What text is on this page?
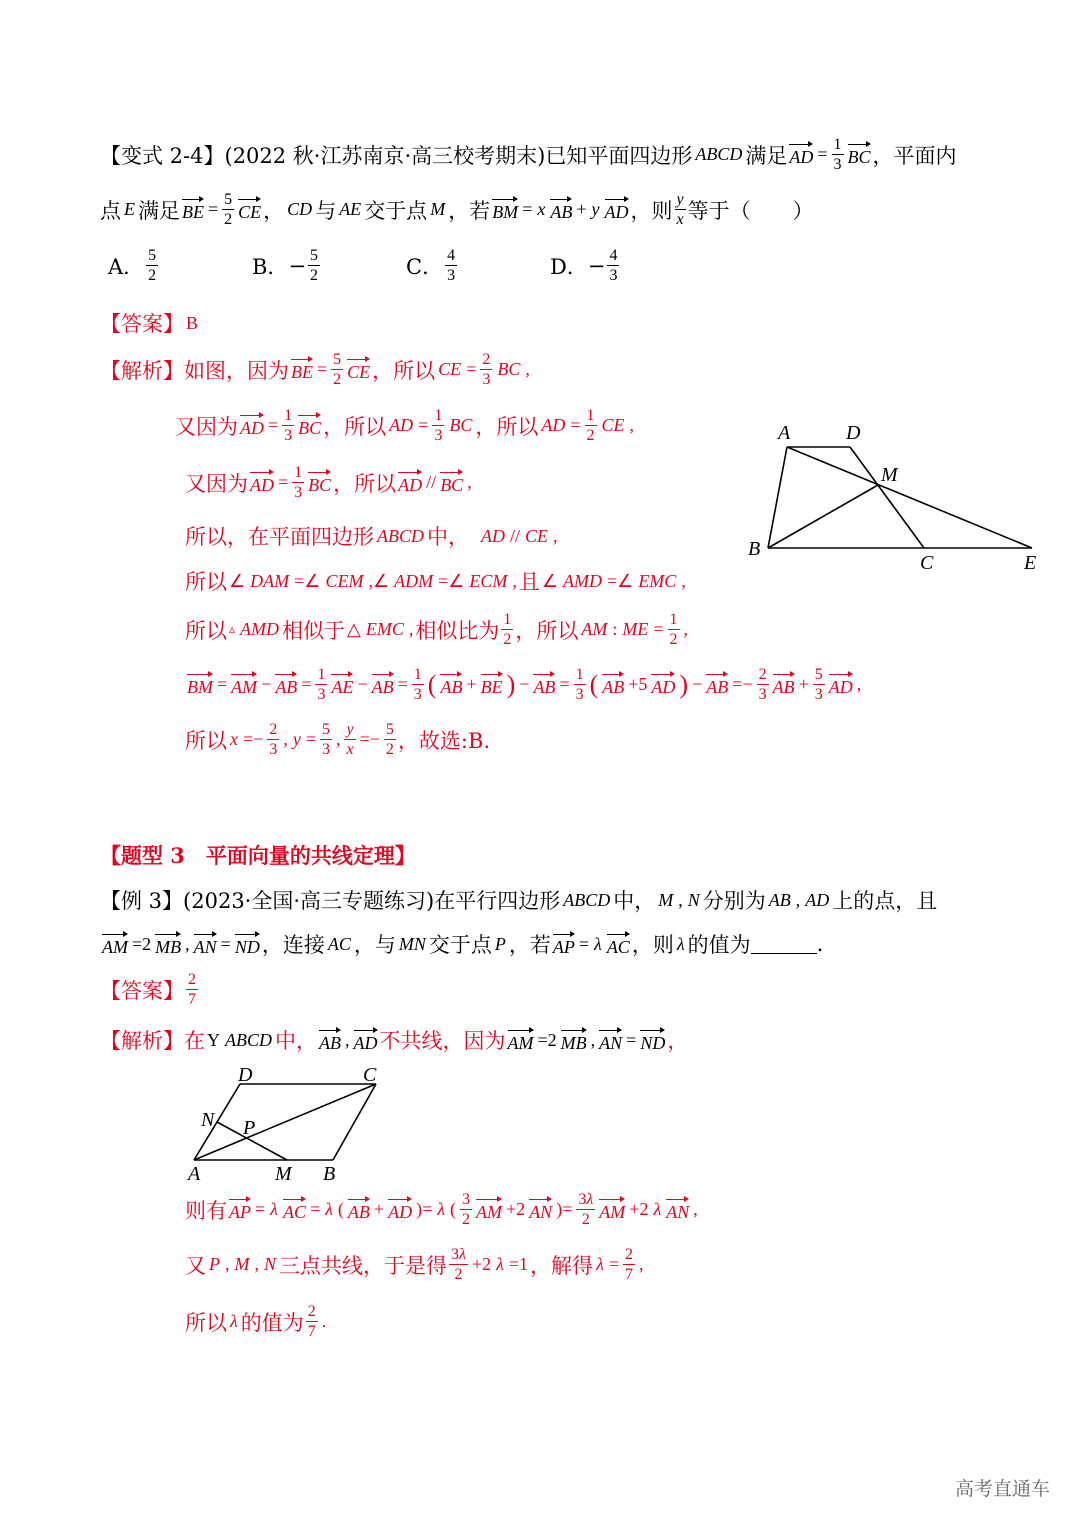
【变式 2-4】 (2022 秋·江苏南京·高三校考期末) 已知平面四边形 ABCD 满足 AD = $\frac{1}{3}$ BC ，平面内
点 E 满足 BE = $\frac{5}{2}$ CE ， CD 与 AE 交于点 M ，若 BM = x AB + y AD ，则 $\frac{y}{x}$ 等于（　　）
A． $\frac{5}{2}$	B． − $\frac{5}{2}$	C． $\frac{4}{3}$	D． − $\frac{4}{3}$
【答案】 B
【解析】 如图，因为 BE = $\frac{5}{2}$ CE ，所以 CE = $\frac{2}{3}$ BC ,
又因为 AD = $\frac{1}{3}$ BC ，所以 AD = $\frac{1}{3}$ BC ，所以 AD = $\frac{1}{2}$ CE ,
又因为 AD = $\frac{1}{3}$ BC ，所以 AD // BC ,
所以，在平面四边形 ABCD 中， AD // CE ,
所以 ∠ DAM =∠ CEM ,∠ ADM =∠ ECM , 且 ∠ AMD =∠ EMC ,
所以 ▵ AMD 相似于 △ EMC , 相似比为 $\frac{1}{2}$ ，所以 AM : ME = $\frac{1}{2}$ ,
BM = AM − AB = $\frac{1}{3}$ AE − AB = $\frac{1}{3}$ ( AB + BE ) − AB = $\frac{1}{3}$ ( AB +5 AD ) − AB =− $\frac{2}{3}$ AB + $\frac{5}{3}$ AD ,
所以 $x =- \frac{2}{3}$ , $y = \frac{5}{3}$ , $\frac{y}{x} =- \frac{5}{2}$ ，故选:B.
A	D
M
B
C	E
【题型 3　平面向量的共线定理】
【例 3】 (2023·全国·高三专题练习) 在平行四边形 ABCD 中， M , N 分别为 AB , AD 上的点，且
AM =2 MB , AN = ND ，连接 AC ，与 MN 交于点 P ，若 AP = λ AC ，则 λ 的值为	.
【答案】 $\frac{2}{7}$
【解析】 在 Y ABCD 中， AB , AD 不共线，因为 AM =2 MB , AN = ND ，
D	C
N P
A	M B
则有 AP = λ AC = λ ( AB + AD )= λ ( $\frac{3}{2}$ AM +2 AN )= $\frac{3\lambda}{2}$ AM +2 λ AN ,
又 P , M , N 三点共线，于是得 $\frac{3\lambda}{2} +2$ λ =1 ，解得 $\lambda = \frac{2}{7}$ ,
所以 λ 的值为 $\frac{2}{7}$ .
高考直通车
